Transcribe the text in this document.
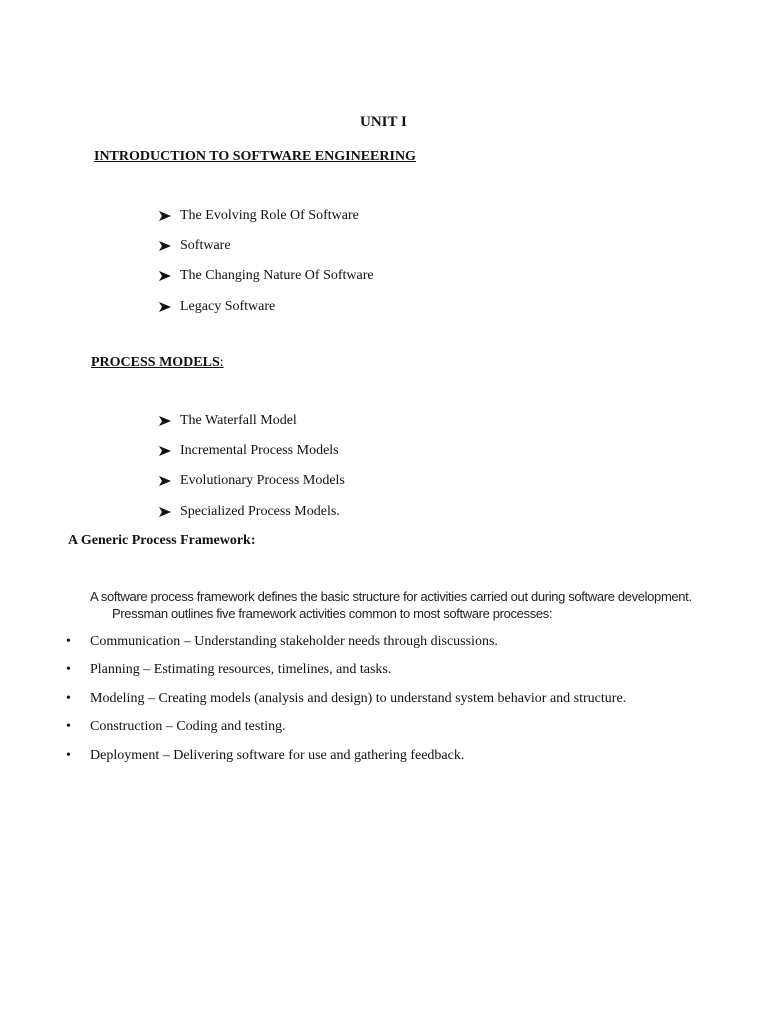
UNIT I
INTRODUCTION TO SOFTWARE ENGINEERING
The Evolving Role Of Software
Software
The Changing Nature Of Software
Legacy Software
PROCESS MODELS:
The Waterfall Model
Incremental Process Models
Evolutionary Process Models
Specialized Process Models.
A Generic Process Framework:
A software process framework defines the basic structure for activities carried out during software development.
Pressman outlines five framework activities common to most software processes:
•	Communication – Understanding stakeholder needs through discussions.
•	Planning – Estimating resources, timelines, and tasks.
•	Modeling – Creating models (analysis and design) to understand system behavior and structure.
•	Construction – Coding and testing.
•	Deployment – Delivering software for use and gathering feedback.
